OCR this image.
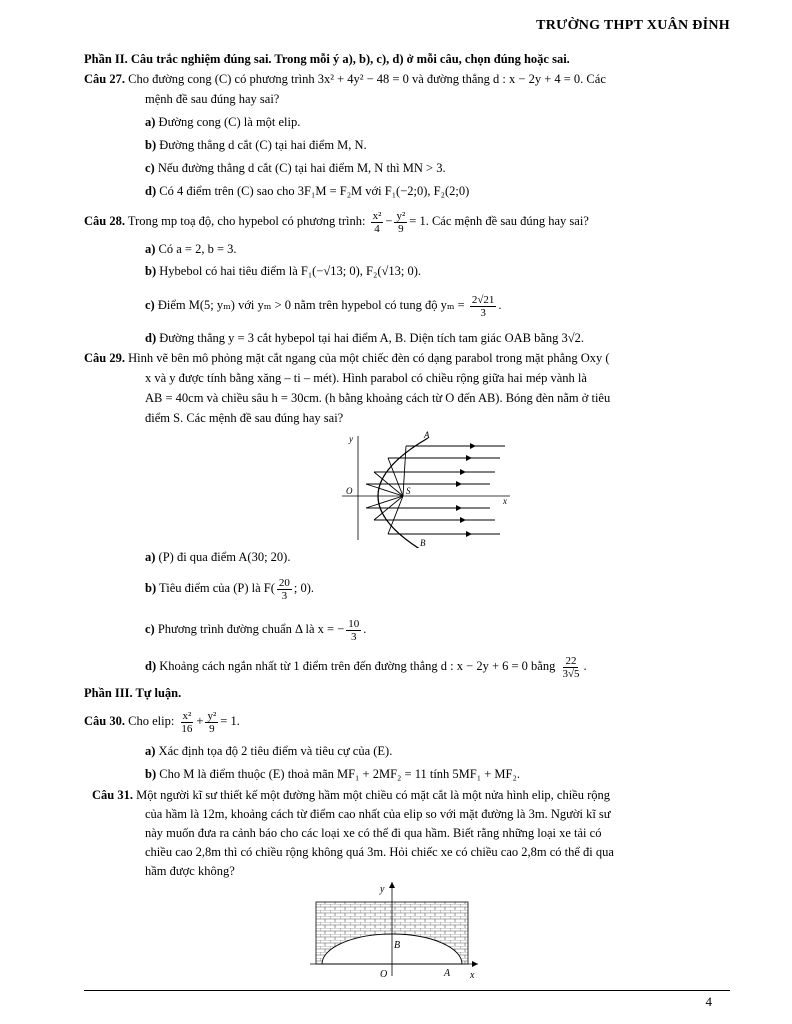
TRƯỜNG THPT XUÂN ĐỈNH
Phần II. Câu trắc nghiệm đúng sai. Trong mỗi ý a), b), c), d) ở mỗi câu, chọn đúng hoặc sai.
Câu 27. Cho đường cong (C) có phương trình 3x² + 4y² − 48 = 0 và đường thẳng d : x − 2y + 4 = 0. Các
mệnh đề sau đúng hay sai?
a) Đường cong (C) là một elip.
b) Đường thẳng d cắt (C) tại hai điểm M, N.
c) Nếu đường thẳng d cắt (C) tại hai điểm M, N thì MN > 3.
d) Có 4 điểm trên (C) sao cho 3F₁M = F₂M với F₁(−2;0), F₂(2;0)
Câu 28. Trong mp toạ độ, cho hypebol có phương trình: $\frac{\text{x²}}{4} - \frac{\text{y²}}{9} = 1$. Các mệnh đề sau đúng hay sai?
a) Có a = 2, b = 3.
b) Hybebol có hai tiêu điểm là F₁(−√13; 0), F₂(√13; 0).
c) Điểm M(5; yₘ) với yₘ > 0 nằm trên hypebol có tung độ $y_m = \frac{2√21}{3}$ .
d) Đường thẳng y = 3 cắt hybepol tại hai điểm A, B. Diện tích tam giác OAB bằng 3√2.
Câu 29. Hình vẽ bên mô phỏng mặt cắt ngang của một chiếc đèn có dạng parabol trong mặt phẳng Oxy (
x và y được tính bằng xăng – ti – mét). Hình parabol có chiều rộng giữa hai mép vành là
AB = 40cm và chiều sâu h = 30cm. (h bằng khoảng cách từ O đến AB). Bóng đèn nằm ở tiêu
điểm S. Các mệnh đề sau đúng hay sai?
y
x
O	S
A
B
a) (P) đi qua điểm A(30; 20).
b) Tiêu điểm của (P) là $F( \frac{20}{3}$ ; 0).
c) Phương trình đường chuẩn Δ là x = − $\frac{10}{3}$ .
d) Khoảng cách ngắn nhất từ 1 điểm trên đến đường thẳng d : x − 2y + 6 = 0 bằng $\frac{22}{3√5}$ .
Phần III. Tự luận.
Câu 30. Cho elip: $\frac{\text{x²}}{16} + \frac{\text{y²}}{9} = 1$.
a) Xác định tọa độ 2 tiêu điểm và tiêu cự của (E).
b) Cho M là điểm thuộc (E) thoả mãn MF₁ + 2MF₂ = 11 tính 5MF₁ + MF₂.
Câu 31. Một người kĩ sư thiết kế một đường hầm một chiều có mặt cắt là một nửa hình elip, chiều rộng
của hầm là 12m, khoảng cách từ điểm cao nhất của elip so với mặt đường là 3m. Người kĩ sư
này muốn đưa ra cảnh báo cho các loại xe có thể đi qua hầm. Biết rằng những loại xe tải có
chiều cao 2,8m thì có chiều rộng không quá 3m. Hỏi chiếc xe có chiều cao 2,8m có thể đi qua
hầm được không?
y
x
O	A
B
4
